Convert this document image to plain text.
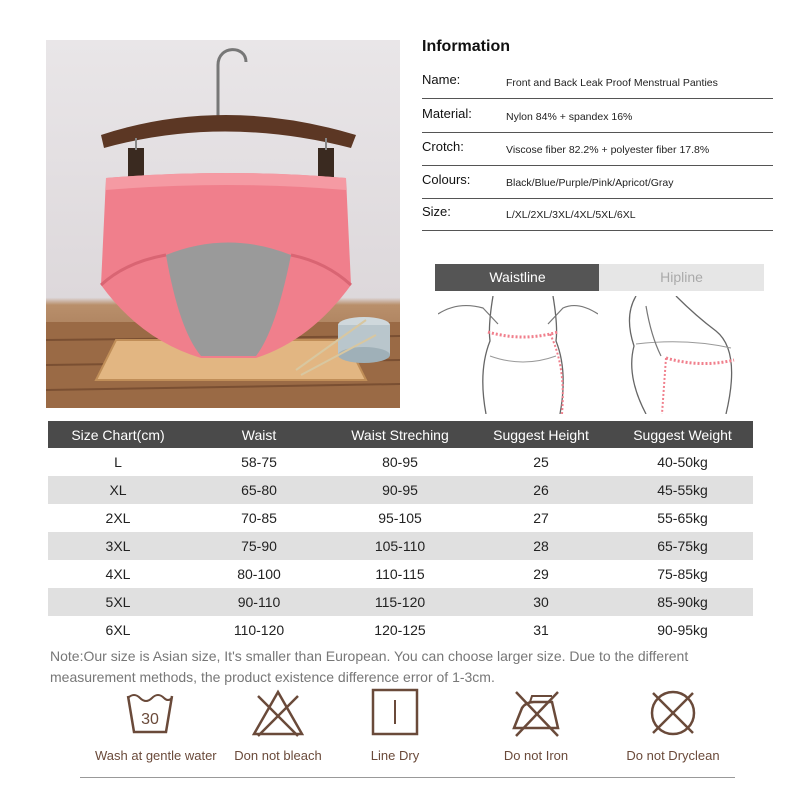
Information
Name:	Front and Back Leak Proof Menstrual Panties
Material:	Nylon 84% + spandex 16%
Crotch:	Viscose fiber 82.2% + polyester fiber 17.8%
Colours:	Black/Blue/Purple/Pink/Apricot/Gray
Size:	L/XL/2XL/3XL/4XL/5XL/6XL
Waistline	Hipline
Size Chart(cm)	Waist	Waist Streching	Suggest Height	Suggest Weight
L	58-75	80-95	25	40-50kg
XL	65-80	90-95	26	45-55kg
2XL	70-85	95-105	27	55-65kg
3XL	75-90	105-110	28	65-75kg
4XL	80-100	110-115	29	75-85kg
5XL	90-110	115-120	30	85-90kg
6XL	110-120	120-125	31	90-95kg
Note:Our size is Asian size, It's smaller than European. You can choose larger size. Due to the different measurement methods, the product existence difference error of 1-3cm.
30
Wash at gentle water	Don not bleach	Line Dry	Do not Iron	Do not Dryclean
